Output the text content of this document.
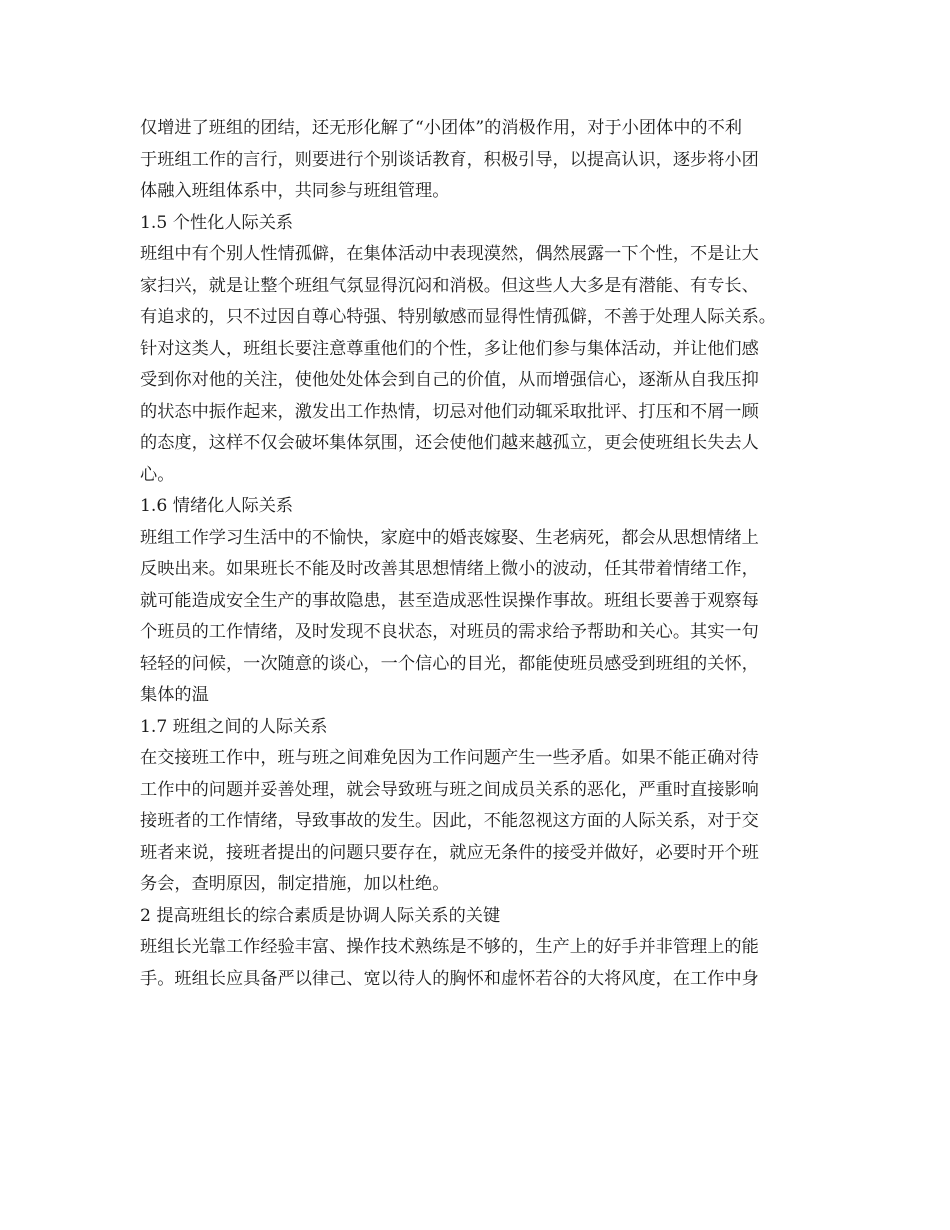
仅增进了班组的团结，还无形化解了“小团体”的消极作用，对于小团体中的不利
于班组工作的言行，则要进行个别谈话教育，积极引导，以提高认识，逐步将小团
体融入班组体系中，共同参与班组管理。
1.5 个性化人际关系
班组中有个别人性情孤僻，在集体活动中表现漠然，偶然展露一下个性，不是让大
家扫兴，就是让整个班组气氛显得沉闷和消极。但这些人大多是有潜能、有专长、
有追求的，只不过因自尊心特强、特别敏感而显得性情孤僻，不善于处理人际关系。
针对这类人，班组长要注意尊重他们的个性，多让他们参与集体活动，并让他们感
受到你对他的关注，使他处处体会到自己的价值，从而增强信心，逐渐从自我压抑
的状态中振作起来，激发出工作热情，切忌对他们动辄采取批评、打压和不屑一顾
的态度，这样不仅会破坏集体氛围，还会使他们越来越孤立，更会使班组长失去人
心。
1.6 情绪化人际关系
班组工作学习生活中的不愉快，家庭中的婚丧嫁娶、生老病死，都会从思想情绪上
反映出来。如果班长不能及时改善其思想情绪上微小的波动，任其带着情绪工作，
就可能造成安全生产的事故隐患，甚至造成恶性误操作事故。班组长要善于观察每
个班员的工作情绪，及时发现不良状态，对班员的需求给予帮助和关心。其实一句
轻轻的问候，一次随意的谈心，一个信心的目光，都能使班员感受到班组的关怀，
集体的温
1.7 班组之间的人际关系
在交接班工作中，班与班之间难免因为工作问题产生一些矛盾。如果不能正确对待
工作中的问题并妥善处理，就会导致班与班之间成员关系的恶化，严重时直接影响
接班者的工作情绪，导致事故的发生。因此，不能忽视这方面的人际关系，对于交
班者来说，接班者提出的问题只要存在，就应无条件的接受并做好，必要时开个班
务会，查明原因，制定措施，加以杜绝。
2 提高班组长的综合素质是协调人际关系的关键
班组长光靠工作经验丰富、操作技术熟练是不够的，生产上的好手并非管理上的能
手。班组长应具备严以律己、宽以待人的胸怀和虚怀若谷的大将风度，在工作中身
